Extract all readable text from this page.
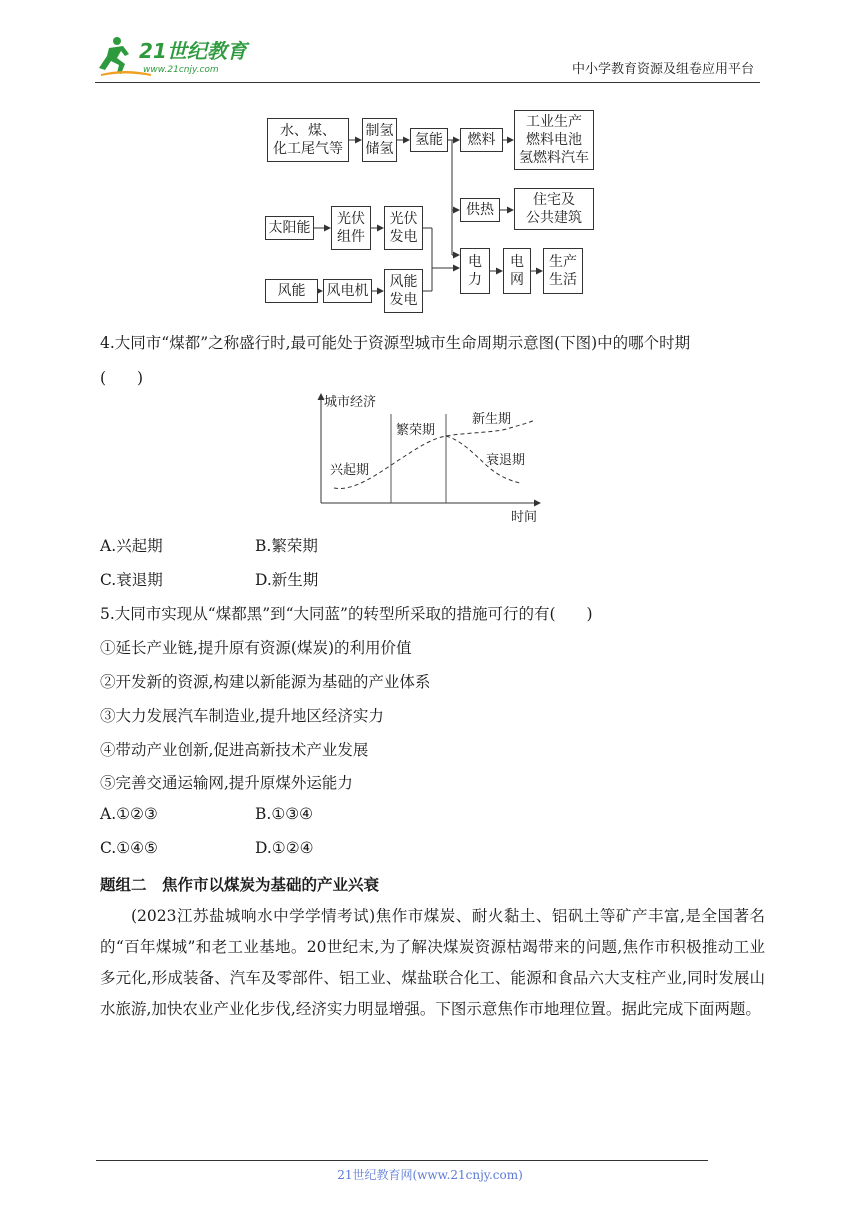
21世纪教育
www.21cnjy.com	中小学教育资源及组卷应用平台
水、煤、
化工尾气等
制氢
储氢
氢能	燃料
工业生产
燃料电池
氢燃料汽车
供热
住宅及
公共建筑
太阳能
光伏
组件
光伏
发电
风能	风电机
风能
发电
电
力
电
网
生产
生活
4.大同市“煤都”之称盛行时,最可能处于资源型城市生命周期示意图(下图)中的哪个时期
(　　)
城市经济
时间
兴起期
繁荣期
新生期
衰退期
A.兴起期	B.繁荣期
C.衰退期	D.新生期
5.大同市实现从“煤都黑”到“大同蓝”的转型所采取的措施可行的有(　　)
①延长产业链,提升原有资源(煤炭)的利用价值
②开发新的资源,构建以新能源为基础的产业体系
③大力发展汽车制造业,提升地区经济实力
④带动产业创新,促进高新技术产业发展
⑤完善交通运输网,提升原煤外运能力
A.①②③	B.①③④
C.①④⑤	D.①②④
题组二　焦作市以煤炭为基础的产业兴衰
(2023江苏盐城响水中学学情考试)焦作市煤炭、耐火黏土、铝矾土等矿产丰富,是全国著名的“百年煤城”和老工业基地。20世纪末,为了解决煤炭资源枯竭带来的问题,焦作市积极推动工业多元化,形成装备、汽车及零部件、铝工业、煤盐联合化工、能源和食品六大支柱产业,同时发展山水旅游,加快农业产业化步伐,经济实力明显增强。下图示意焦作市地理位置。据此完成下面两题。
21世纪教育网(www.21cnjy.com)
